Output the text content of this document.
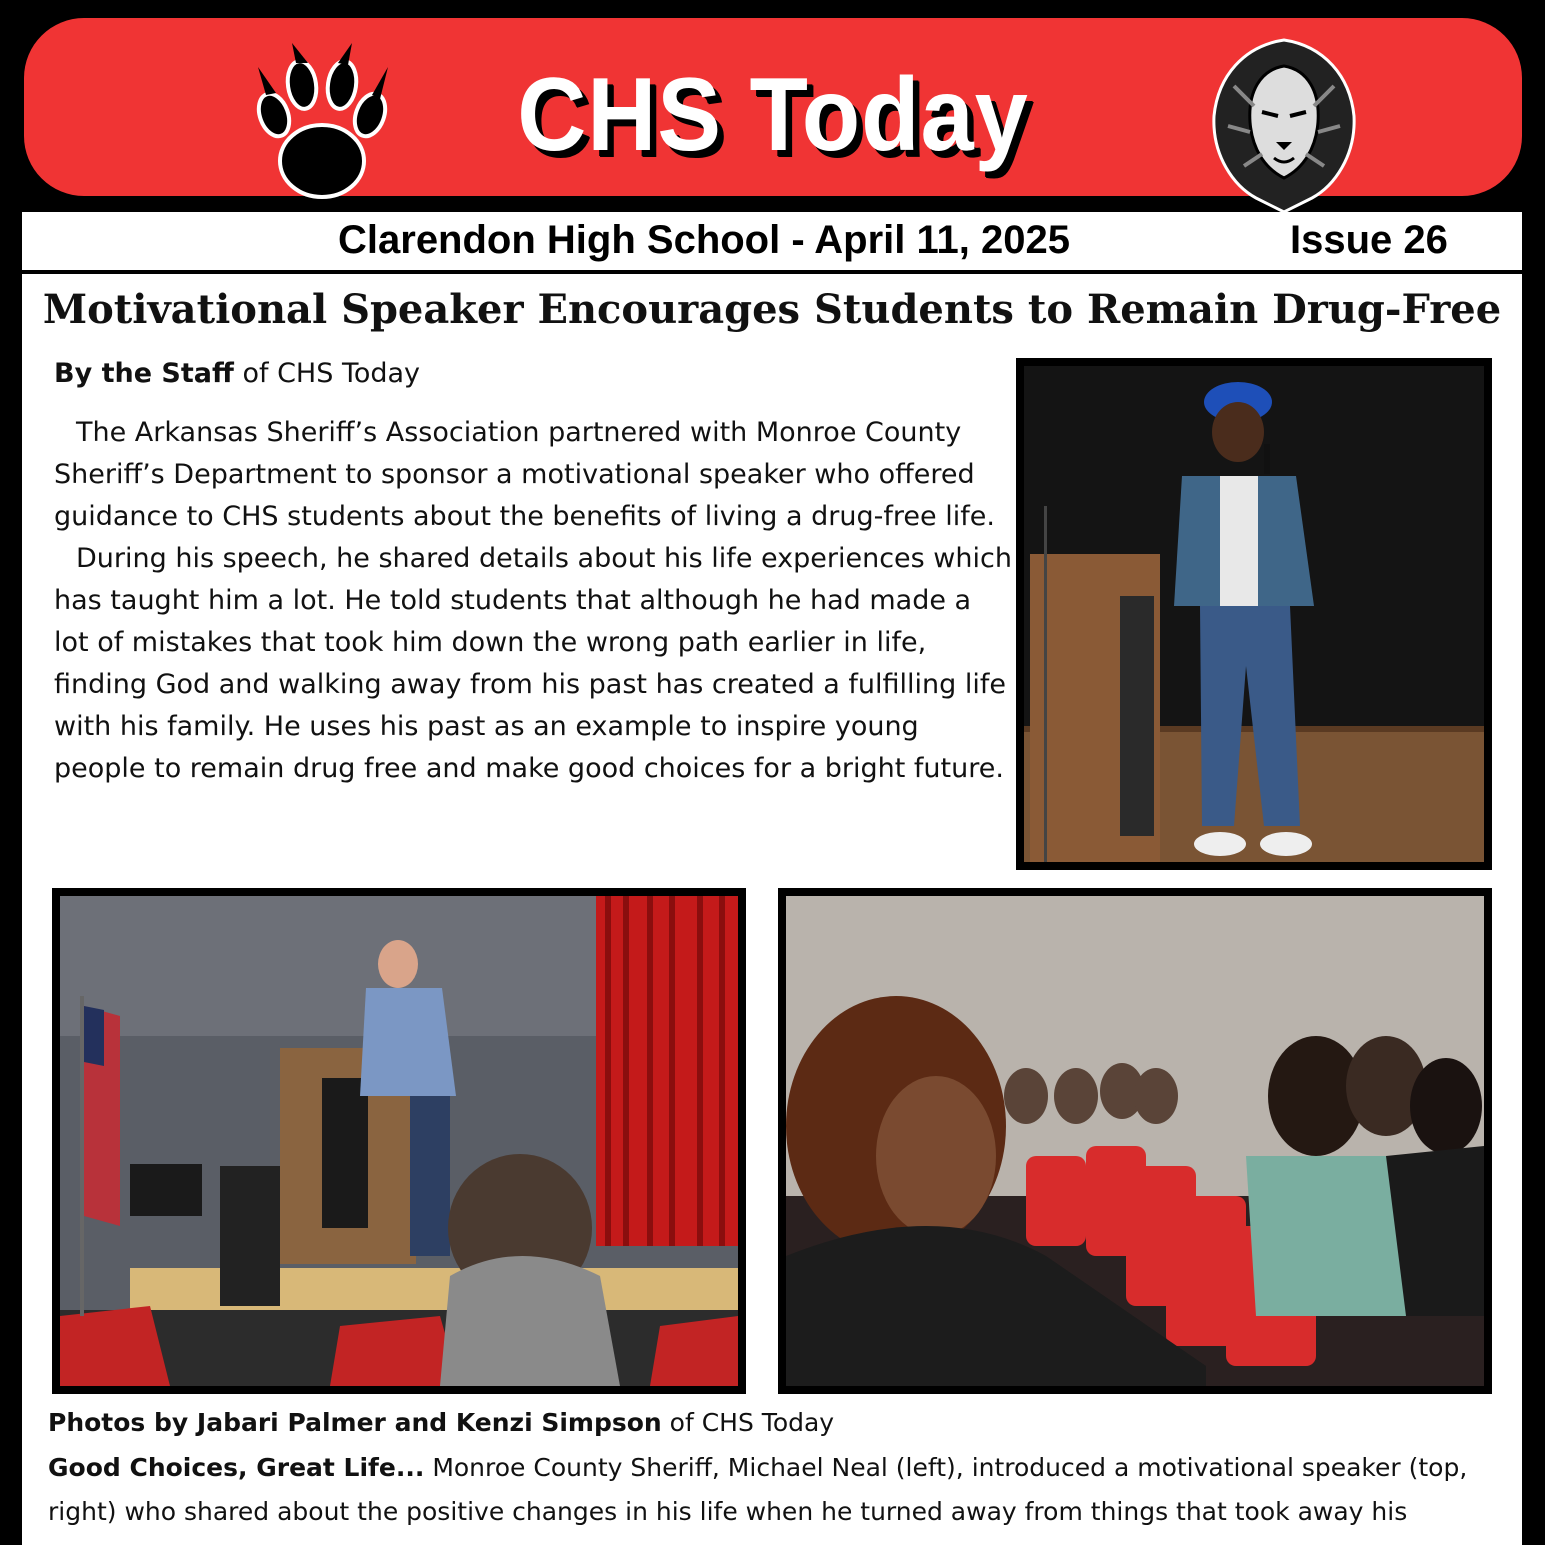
CHS Today
Clarendon High School - April 11, 2025	Issue 26
Motivational Speaker Encourages Students to Remain Drug-Free
By the Staff of CHS Today

The Arkansas Sheriff’s Association partnered with Monroe County Sheriff’s Department to sponsor a motivational speaker who offered guidance to CHS students about the benefits of living a drug-free life.

During his speech, he shared details about his life experiences which has taught him a lot. He told students that although he had made a lot of mistakes that took him down the wrong path earlier in life, finding God and walking away from his past has created a fulfilling life with his family. He uses his past as an example to inspire young people to remain drug free and make good choices for a bright future.

Photos by Jabari Palmer and Kenzi Simpson of CHS Today
Good Choices, Great Life... Monroe County Sheriff, Michael Neal (left), introduced a motivational speaker (top, right) who shared about the positive changes in his life when he turned away from things that took away his
